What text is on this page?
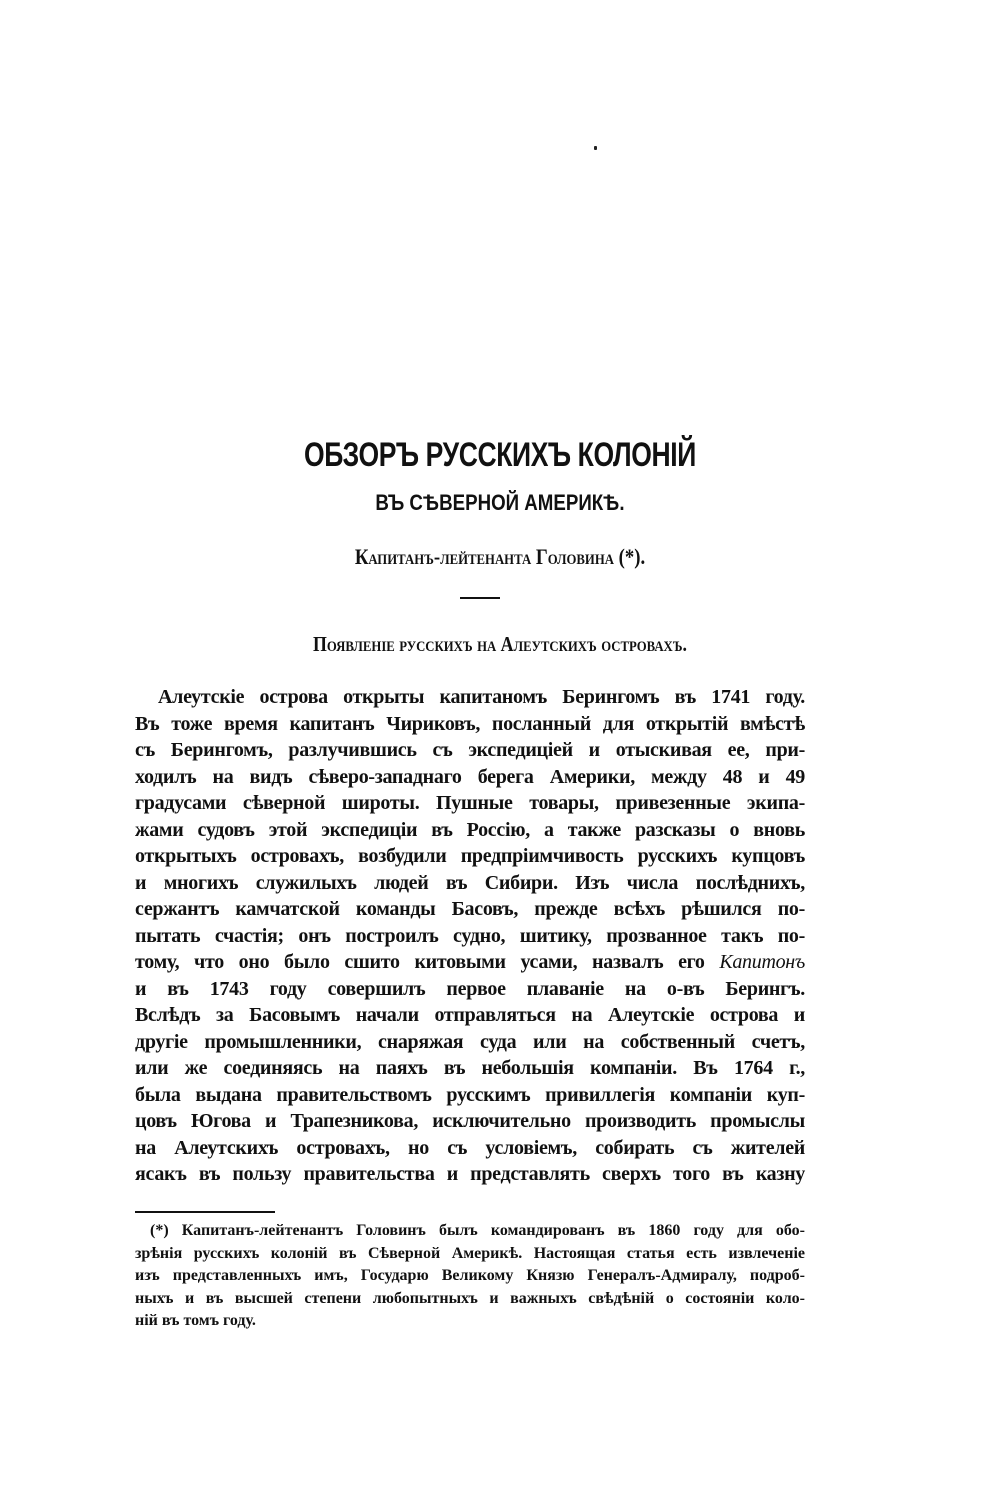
ОБЗОРЪ РУССКИХЪ КОЛОНІЙ
ВЪ СѢВЕРНОЙ АМЕРИКѢ.
Капитанъ-лейтенанта Головина (*).
Появленіе русскихъ на Алеутскихъ островахъ.
Алеутскіе острова открыты капитаномъ Берингомъ въ 1741 году.
Въ тоже время капитанъ Чириковъ, посланный для открытій вмѣстѣ
съ Берингомъ, разлучившись съ экспедиціей и отыскивая ее, при-
ходилъ на видъ сѣверо-западнаго берега Америки, между 48 и 49
градусами сѣверной широты. Пушные товары, привезенные экипа-
жами судовъ этой экспедиціи въ Россію, а также разсказы о вновь
открытыхъ островахъ, возбудили предпріимчивость русскихъ купцовъ
и многихъ служилыхъ людей въ Сибири. Изъ числа послѣднихъ,
сержантъ камчатской команды Басовъ, прежде всѣхъ рѣшился по-
пытать счастія; онъ построилъ судно, шитику, прозванное такъ по-
тому, что оно было сшито китовыми усами, назвалъ его Капитонъ
и въ 1743 году совершилъ первое плаваніе на о-въ Берингъ.
Вслѣдъ за Басовымъ начали отправляться на Алеутскіе острова и
другіе промышленники, снаряжая суда или на собственный счетъ,
или же соединяясь на паяхъ въ небольшія компаніи. Въ 1764 г.,
была выдана правительствомъ русскимъ привиллегія компаніи куп-
цовъ Югова и Трапезникова, исключительно производить промыслы
на Алеутскихъ островахъ, но съ условіемъ, собирать съ жителей
ясакъ въ пользу правительства и представлять сверхъ того въ казну
(*) Капитанъ-лейтенантъ Головинъ былъ командированъ въ 1860 году для обо-
зрѣнія русскихъ колоній въ Сѣверной Америкѣ. Настоящая статья есть извлеченіе
изъ представленныхъ имъ, Государю Великому Князю Генералъ-Адмиралу, подроб-
ныхъ и въ высшей степени любопытныхъ и важныхъ свѣдѣній о состояніи коло-
ній въ томъ году.
